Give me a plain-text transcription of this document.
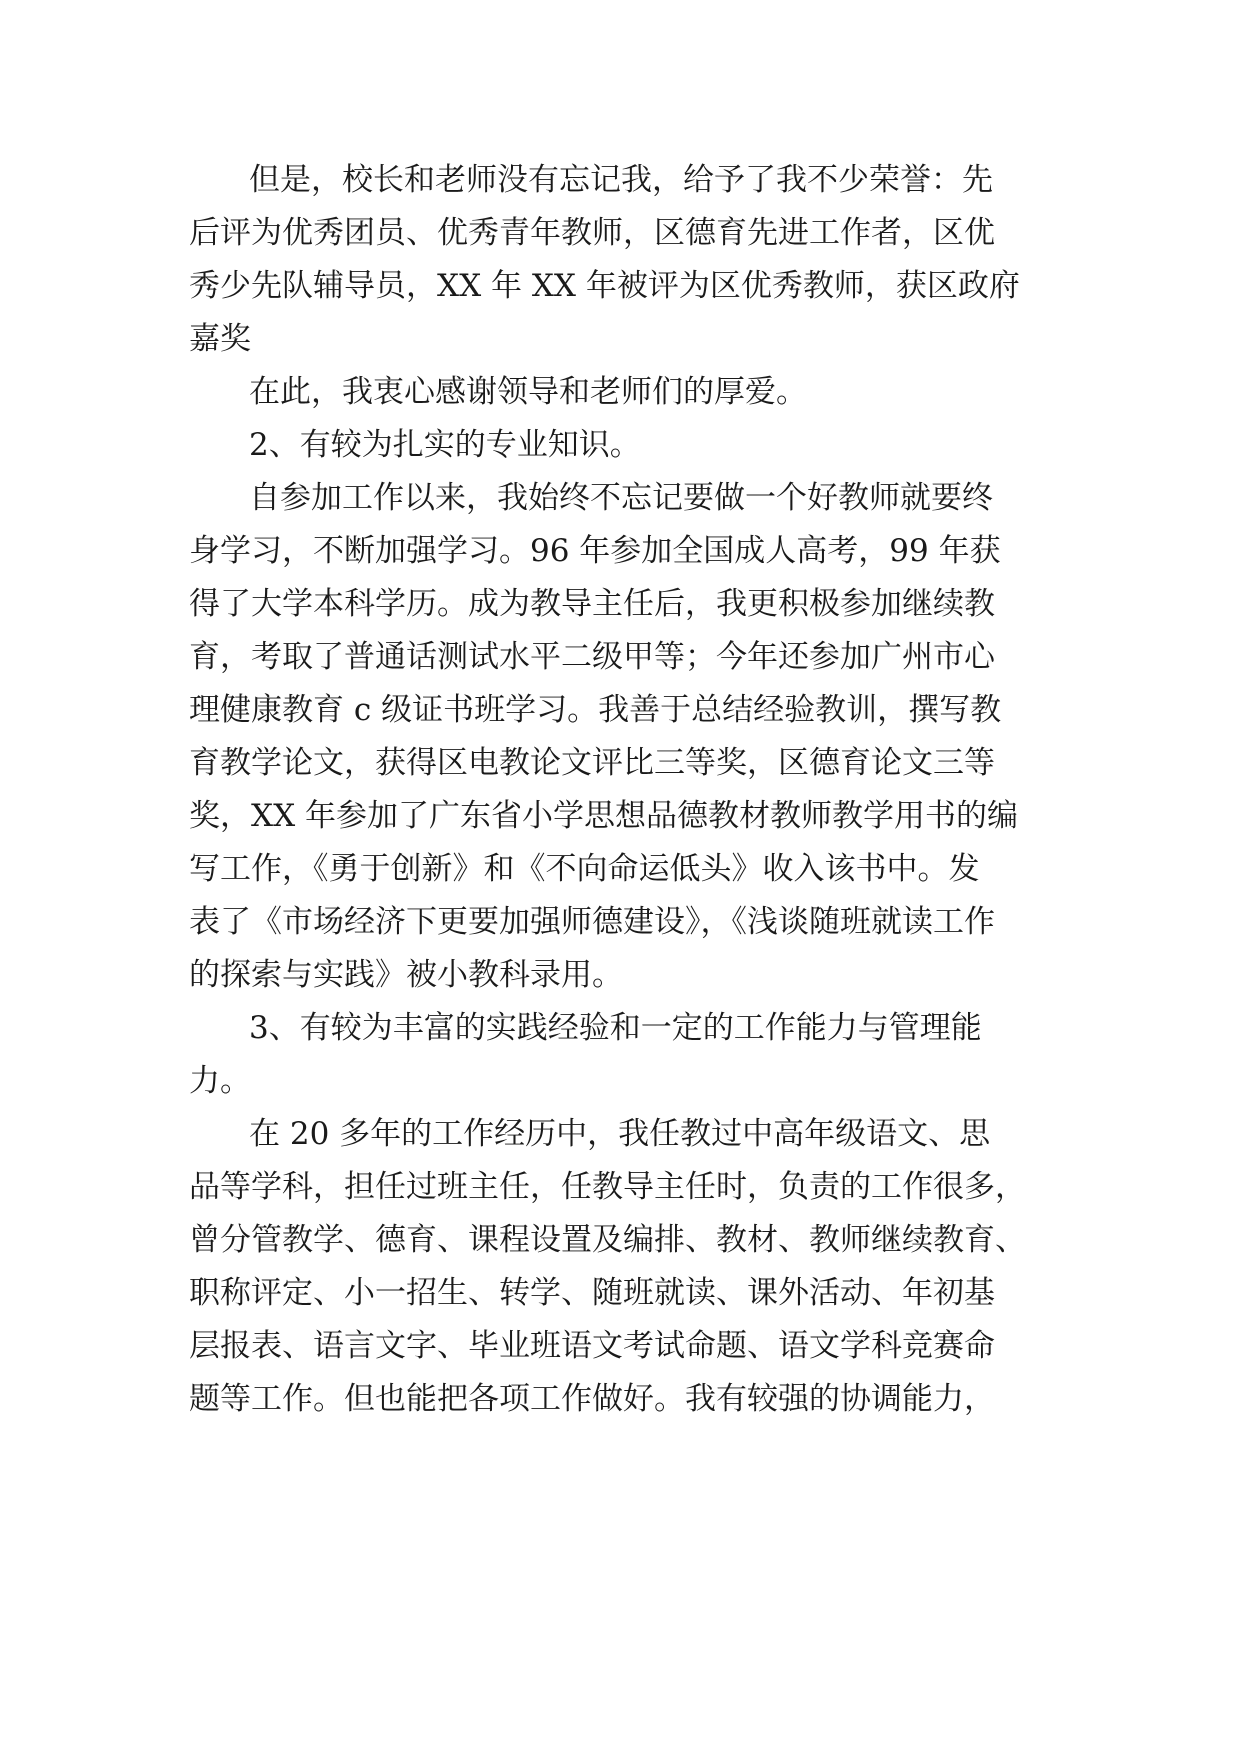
但是，校长和老师没有忘记我，给予了我不少荣誉：先
后评为优秀团员、优秀青年教师，区德育先进工作者，区优
秀少先队辅导员，XX 年 XX 年被评为区优秀教师，获区政府
嘉奖
在此，我衷心感谢领导和老师们的厚爱。
2、有较为扎实的专业知识。
自参加工作以来，我始终不忘记要做一个好教师就要终
身学习，不断加强学习。96 年参加全国成人高考，99 年获
得了大学本科学历。成为教导主任后，我更积极参加继续教
育，考取了普通话测试水平二级甲等；今年还参加广州市心
理健康教育 c 级证书班学习。我善于总结经验教训，撰写教
育教学论文，获得区电教论文评比三等奖，区德育论文三等
奖，XX 年参加了广东省小学思想品德教材教师教学用书的编
写工作，《勇于创新》和《不向命运低头》收入该书中。发
表了《市场经济下更要加强师德建设》，《浅谈随班就读工作
的探索与实践》被小教科录用。
3、有较为丰富的实践经验和一定的工作能力与管理能
力。
在 20 多年的工作经历中，我任教过中高年级语文、思
品等学科，担任过班主任，任教导主任时，负责的工作很多，
曾分管教学、德育、课程设置及编排、教材、教师继续教育、
职称评定、小一招生、转学、随班就读、课外活动、年初基
层报表、语言文字、毕业班语文考试命题、语文学科竞赛命
题等工作。但也能把各项工作做好。我有较强的协调能力，
